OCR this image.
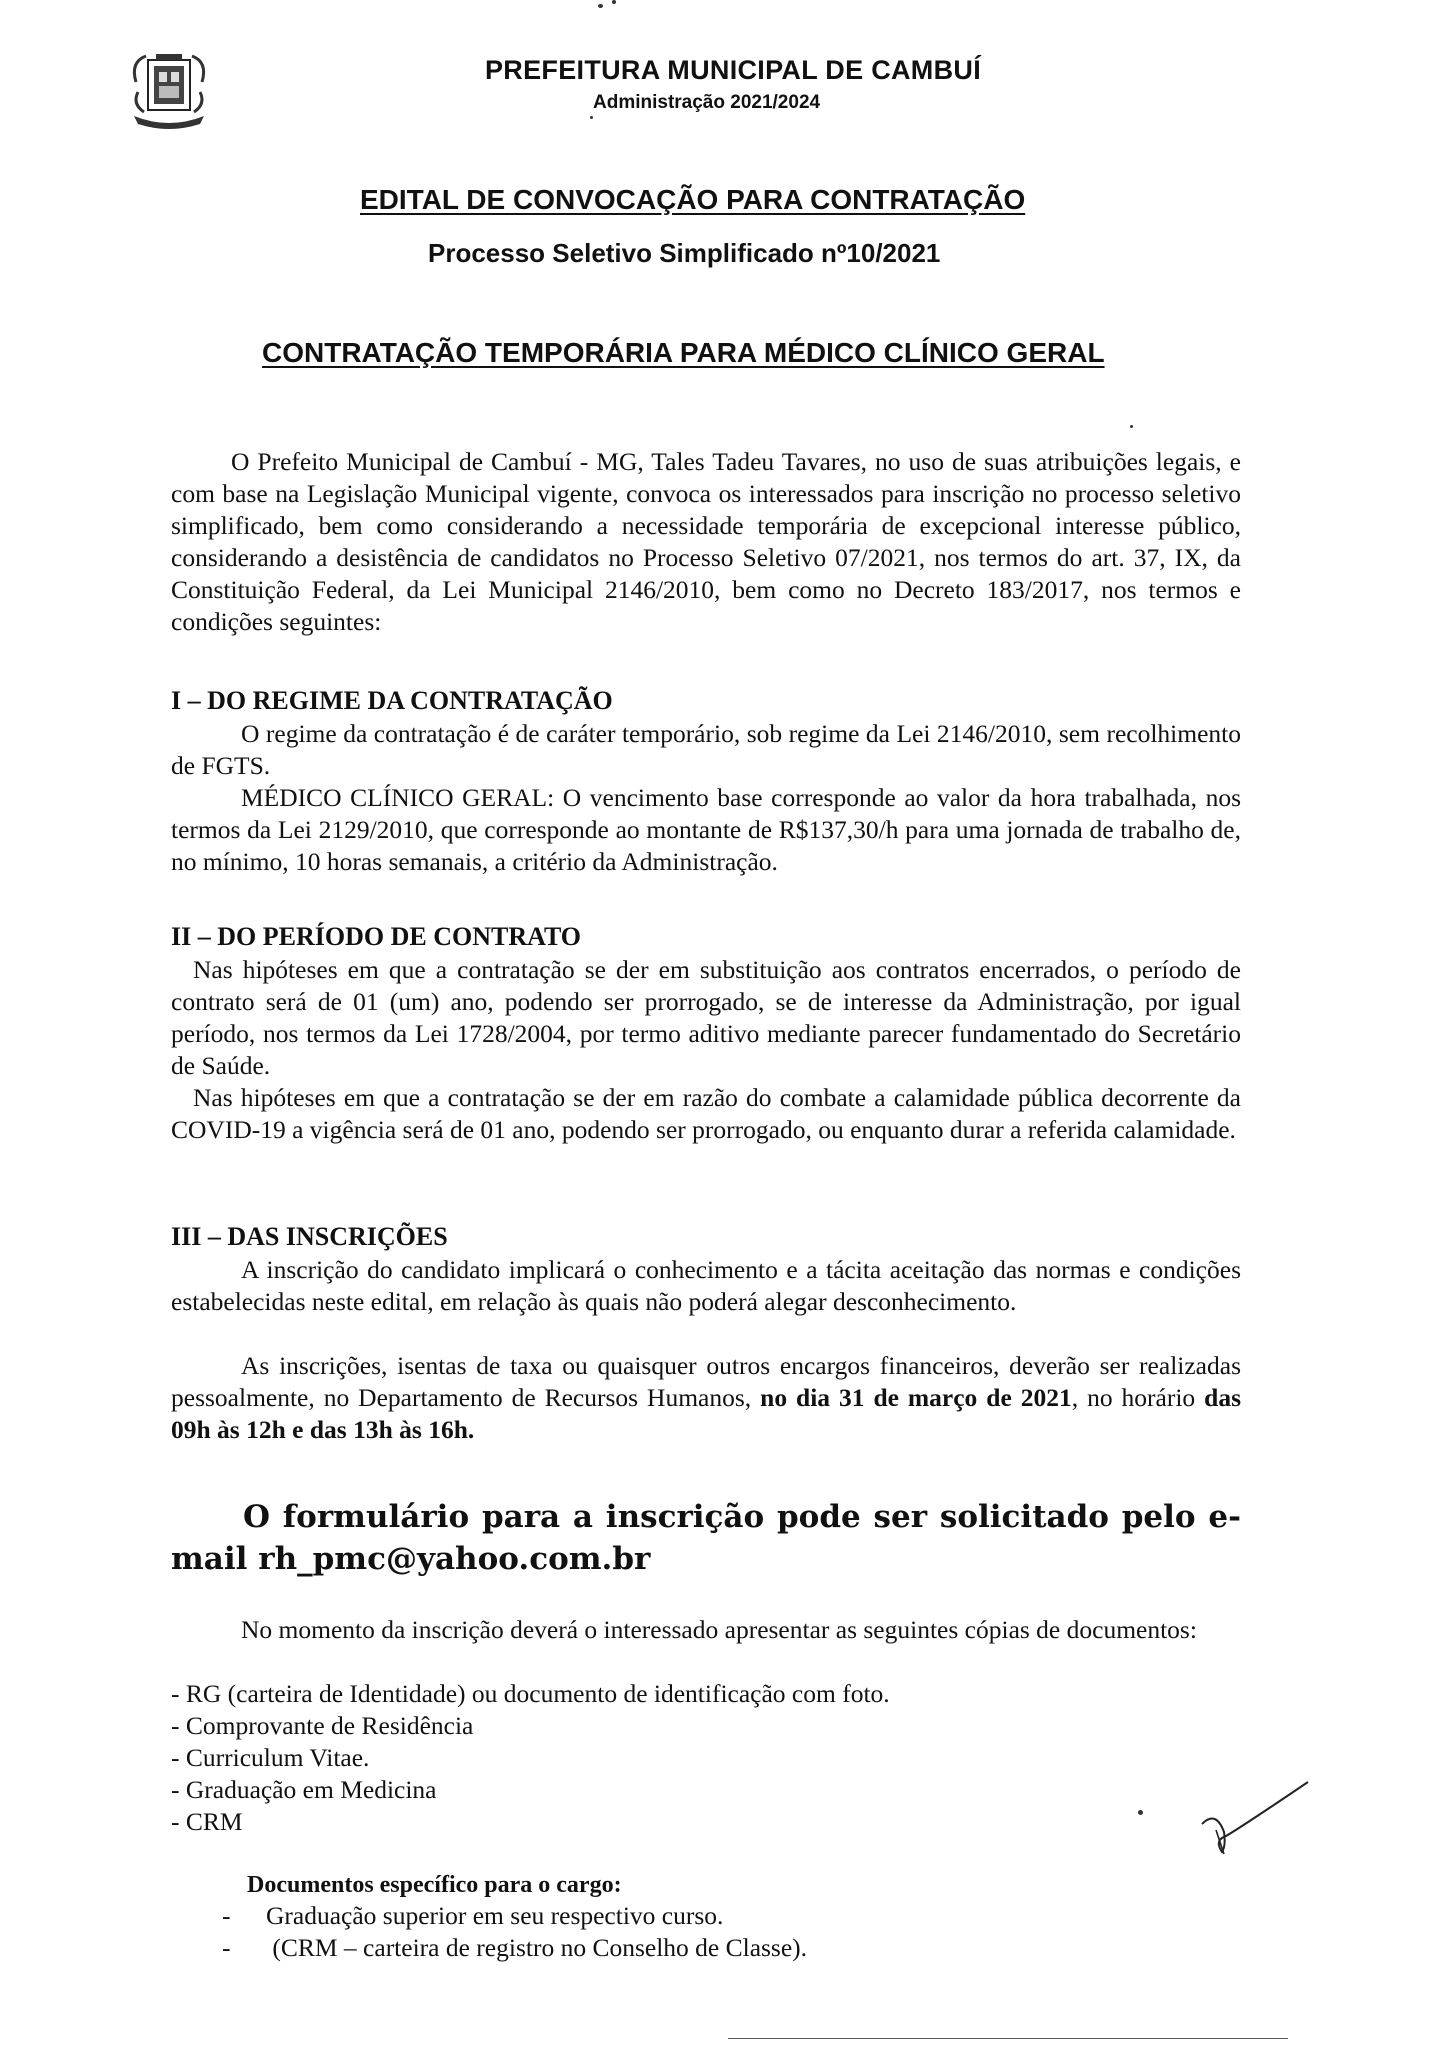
PREFEITURA MUNICIPAL DE CAMBUÍ
Administração 2021/2024
EDITAL DE CONVOCAÇÃO PARA CONTRATAÇÃO
Processo Seletivo Simplificado nº10/2021
CONTRATAÇÃO TEMPORÁRIA PARA MÉDICO CLÍNICO GERAL
O Prefeito Municipal de Cambuí - MG, Tales Tadeu Tavares, no uso de suas atribuições legais, e com base na Legislação Municipal vigente, convoca os interessados para inscrição no processo seletivo simplificado, bem como considerando a necessidade temporária de excepcional interesse público, considerando a desistência de candidatos no Processo Seletivo 07/2021, nos termos do art. 37, IX, da Constituição Federal, da Lei Municipal 2146/2010, bem como no Decreto 183/2017, nos termos e condições seguintes:
I – DO REGIME DA CONTRATAÇÃO
O regime da contratação é de caráter temporário, sob regime da Lei 2146/2010, sem recolhimento de FGTS.
MÉDICO CLÍNICO GERAL: O vencimento base corresponde ao valor da hora trabalhada, nos termos da Lei 2129/2010, que corresponde ao montante de R$137,30/h para uma jornada de trabalho de, no mínimo, 10 horas semanais, a critério da Administração.
II – DO PERÍODO DE CONTRATO
Nas hipóteses em que a contratação se der em substituição aos contratos encerrados, o período de contrato será de 01 (um) ano, podendo ser prorrogado, se de interesse da Administração, por igual período, nos termos da Lei 1728/2004, por termo aditivo mediante parecer fundamentado do Secretário de Saúde.
Nas hipóteses em que a contratação se der em razão do combate a calamidade pública decorrente da COVID-19 a vigência será de 01 ano, podendo ser prorrogado, ou enquanto durar a referida calamidade.
III – DAS INSCRIÇÕES
A inscrição do candidato implicará o conhecimento e a tácita aceitação das normas e condições estabelecidas neste edital, em relação às quais não poderá alegar desconhecimento.
As inscrições, isentas de taxa ou quaisquer outros encargos financeiros, deverão ser realizadas pessoalmente, no Departamento de Recursos Humanos, no dia 31 de março de 2021, no horário das 09h às 12h e das 13h às 16h.
O formulário para a inscrição pode ser solicitado pelo e-mail rh_pmc@yahoo.com.br
No momento da inscrição deverá o interessado apresentar as seguintes cópias de documentos:
- RG (carteira de Identidade) ou documento de identificação com foto.
- Comprovante de Residência
- Curriculum Vitae.
- Graduação em Medicina
- CRM
Documentos específico para o cargo:
- Graduação superior em seu respectivo curso.
- (CRM – carteira de registro no Conselho de Classe).
